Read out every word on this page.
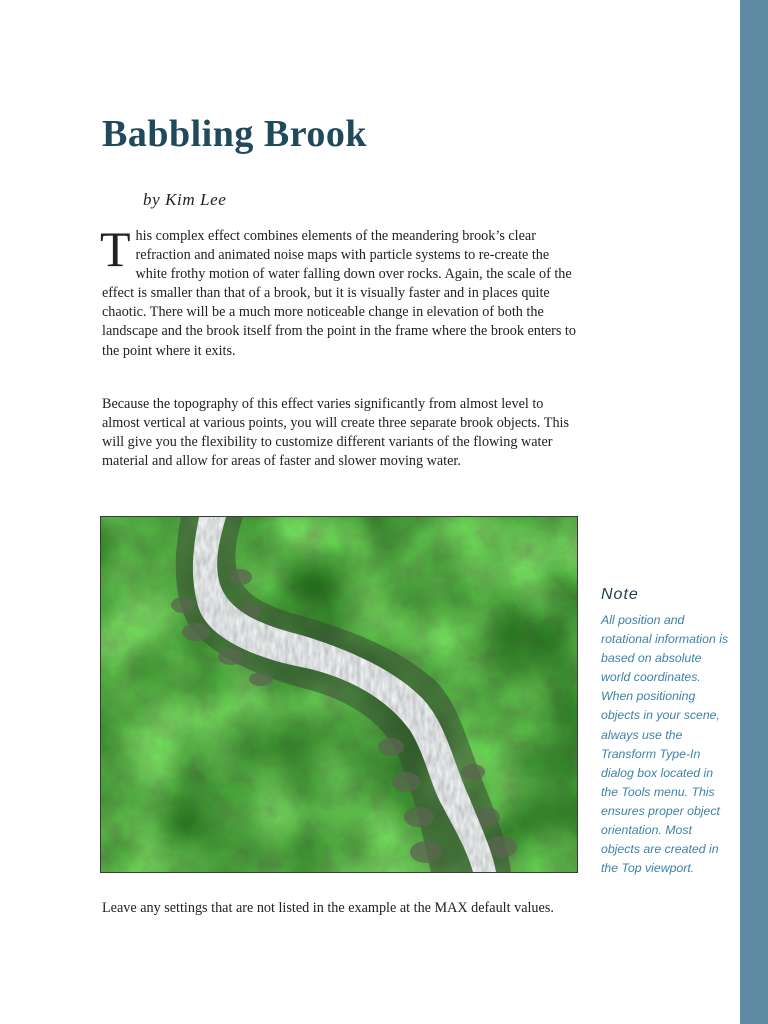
Babbling Brook
by Kim Lee

This complex effect combines elements of the meandering brook’s clear refraction and animated noise maps with particle systems to re-create the white frothy motion of water falling down over rocks. Again, the scale of the effect is smaller than that of a brook, but it is visually faster and in places quite chaotic. There will be a much more noticeable change in elevation of both the landscape and the brook itself from the point in the frame where the brook enters to the point where it exits.

Because the topography of this effect varies significantly from almost level to almost vertical at various points, you will create three separate brook objects. This will give you the flexibility to customize different variants of the flowing water material and allow for areas of faster and slower moving water.

Note

All position and rotational information is based on absolute world coordinates. When positioning objects in your scene, always use the Transform Type-In dialog box located in the Tools menu. This ensures proper object orientation. Most objects are created in the Top viewport.

Leave any settings that are not listed in the example at the MAX default values.
